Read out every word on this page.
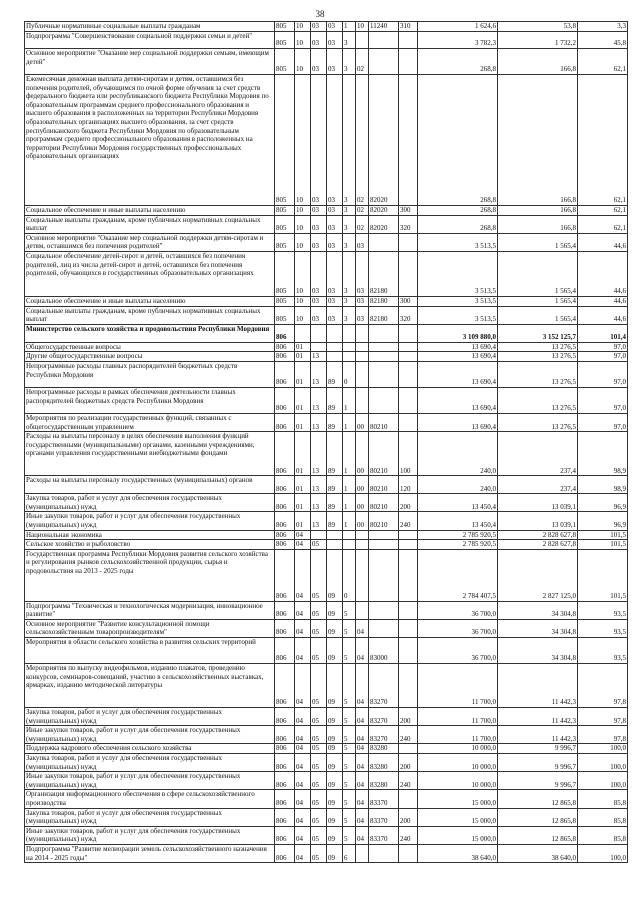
38
Публичные нормативные социальные выплаты гражданам	805	10	03	03	1	10	11240	310	1 624,6	53,8	3,3
Подпрограмма "Совершенствование социальной поддержки семьи и детей"	805	10	03	03	3				3 782,3	1 732,2	45,8
Основное мероприятие "Оказание мер социальной поддержки семьям, имеющим детей"	805	10	03	03	3	02			268,8	166,8	62,1
Ежемесячная денежная выплата детям-сиротам и детям, оставшимся без попечения родителей, обучающимся по очной форме обучения за счет средств федерального бюджета или республиканского бюджета Республики Мордовия по образовательным программам среднего профессионального образования и высшего образования в расположенных на территории Республики Мордовия образовательных организациях высшего образования, за счет средств республиканского бюджета Республики Мордовия по образовательным программам среднего профессионального образования в расположенных на территории Республики Мордовия государственных профессиональных образовательных организациях	805	10	03	03	3	02	82020		268,8	166,8	62,1
Социальное обеспечение и иные выплаты населению	805	10	03	03	3	02	82020	300	268,8	166,8	62,1
Социальные выплаты гражданам, кроме публичных нормативных социальных выплат	805	10	03	03	3	02	82020	320	268,8	166,8	62,1
Основное мероприятие "Оказание мер социальной поддержки детям-сиротам и детям, оставшимся без попечения родителей"	805	10	03	03	3	03			3 513,5	1 565,4	44,6
Социальное обеспечение детей-сирот и детей, оставшихся без попечения родителей, лиц из числа детей-сирот и детей, оставшихся без попечения родителей, обучающихся в государственных образовательных организациях	805	10	03	03	3	03	82180		3 513,5	1 565,4	44,6
Социальное обеспечение и иные выплаты населению	805	10	03	03	3	03	82180	300	3 513,5	1 565,4	44,6
Социальные выплаты гражданам, кроме публичных нормативных социальных выплат	805	10	03	03	3	03	82180	320	3 513,5	1 565,4	44,6
Министерство сельского хозяйства и продовольствия Республики Мордовия	806								3 109 880,0	3 152 125,7	101,4
Общегосударственные вопросы	806	01							13 690,4	13 276,5	97,0
Другие общегосударственные вопросы	806	01	13						13 690,4	13 276,5	97,0
Непрограммные расходы главных распорядителей бюджетных средств Республики Мордовия	806	01	13	89	0				13 690,4	13 276,5	97,0
Непрограммные расходы в рамках обеспечения деятельности главных распорядителей бюджетных средств Республики Мордовия	806	01	13	89	1				13 690,4	13 276,5	97,0
Мероприятия по реализации государственных функций, связанных с общегосударственным управлением	806	01	13	89	1	00	80210		13 690,4	13 276,5	97,0
Расходы на выплаты персоналу в целях обеспечения выполнения функций государственными (муниципальными) органами, казенными учреждениями, органами управления государственными внебюджетными фондами	806	01	13	89	1	00	80210	100	240,0	237,4	98,9
Расходы на выплаты персоналу государственных (муниципальных) органов	806	01	13	89	1	00	80210	120	240,0	237,4	98,9
Закупка товаров, работ и услуг для обеспечения государственных (муниципальных) нужд	806	01	13	89	1	00	80210	200	13 450,4	13 039,1	96,9
Иные закупки товаров, работ и услуг для обеспечения государственных (муниципальных) нужд	806	01	13	89	1	00	80210	240	13 450,4	13 039,1	96,9
Национальная экономика	806	04							2 785 920,5	2 828 627,8	101,5
Сельское хозяйство и рыболовство	806	04	05						2 785 920,5	2 828 627,8	101,5
Государственная программа Республики Мордовия развития сельского хозяйства и регулирования рынков сельскохозяйственной продукции, сырья и продовольствия на 2013 - 2025 годы	806	04	05	09	0				2 784 407,5	2 827 125,0	101,5
Подпрограмма "Техническая и технологическая модернизация, инновационное развитие"	806	04	05	09	5				36 700,0	34 304,8	93,5
Основное мероприятие "Развитие консультационной помощи сельскохозяйственным товаропроизводителям"	806	04	05	09	5	04			36 700,0	34 304,8	93,5
Мероприятия в области сельского хозяйства в развития сельских территорий	806	04	05	09	5	04	83000		36 700,0	34 304,8	93,5
Мероприятия по выпуску видеофильмов, изданию плакатов, проведению конкурсов, семинаров-совещаний, участию в сельскохозяйственных выставках, ярмарках, изданию методической литературы	806	04	05	09	5	04	83270		11 700,0	11 442,3	97,8
Закупка товаров, работ и услуг для обеспечения государственных (муниципальных) нужд	806	04	05	09	5	04	83270	200	11 700,0	11 442,3	97,8
Иные закупки товаров, работ и услуг для обеспечения государственных (муниципальных) нужд	806	04	05	09	5	04	83270	240	11 700,0	11 442,3	97,8
Поддержка кадрового обеспечения сельского хозяйства	806	04	05	09	5	04	83280		10 000,0	9 996,7	100,0
Закупка товаров, работ и услуг для обеспечения государственных (муниципальных) нужд	806	04	05	09	5	04	83280	200	10 000,0	9 996,7	100,0
Иные закупки товаров, работ и услуг для обеспечения государственных (муниципальных) нужд	806	04	05	09	5	04	83280	240	10 000,0	9 996,7	100,0
Организация информационного обеспечения в сфере сельскохозяйственного производства	806	04	05	09	5	04	83370		15 000,0	12 865,8	85,8
Закупка товаров, работ и услуг для обеспечения государственных (муниципальных) нужд	806	04	05	09	5	04	83370	200	15 000,0	12 865,8	85,8
Иные закупки товаров, работ и услуг для обеспечения государственных (муниципальных) нужд	806	04	05	09	5	04	83370	240	15 000,0	12 865,8	85,8
Подпрограмма "Развитие мелиорации земель сельскохозяйственного назначения на 2014 - 2025 годы"	806	04	05	09	6				38 640,0	38 640,0	100,0
